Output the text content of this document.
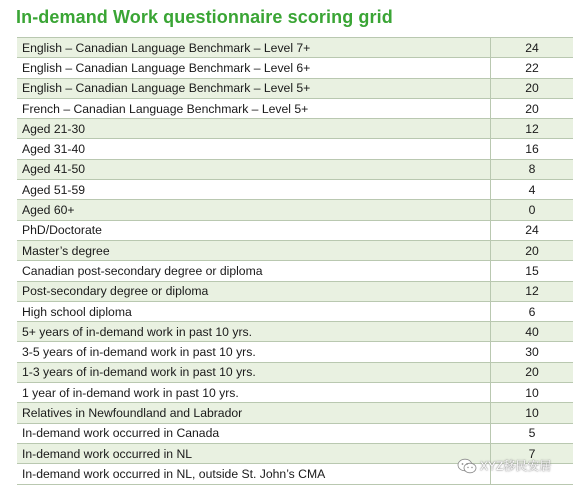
In-demand Work questionnaire scoring grid
English – Canadian Language Benchmark – Level 7+	24
English – Canadian Language Benchmark – Level 6+	22
English – Canadian Language Benchmark – Level 5+	20
French – Canadian Language Benchmark – Level 5+	20
Aged 21-30	12
Aged 31-40	16
Aged 41-50	8
Aged 51-59	4
Aged 60+	0
PhD/Doctorate	24
Master’s degree	20
Canadian post-secondary degree or diploma	15
Post-secondary degree or diploma	12
High school diploma	6
5+ years of in-demand work in past 10 yrs.	40
3-5 years of in-demand work in past 10 yrs.	30
1-3 years of in-demand work in past 10 yrs.	20
1 year of in-demand work in past 10 yrs.	10
Relatives in Newfoundland and Labrador	10
In-demand work occurred in Canada	5
In-demand work occurred in NL	7
In-demand work occurred in NL, outside St. John’s CMA	
XYZ移民安居
